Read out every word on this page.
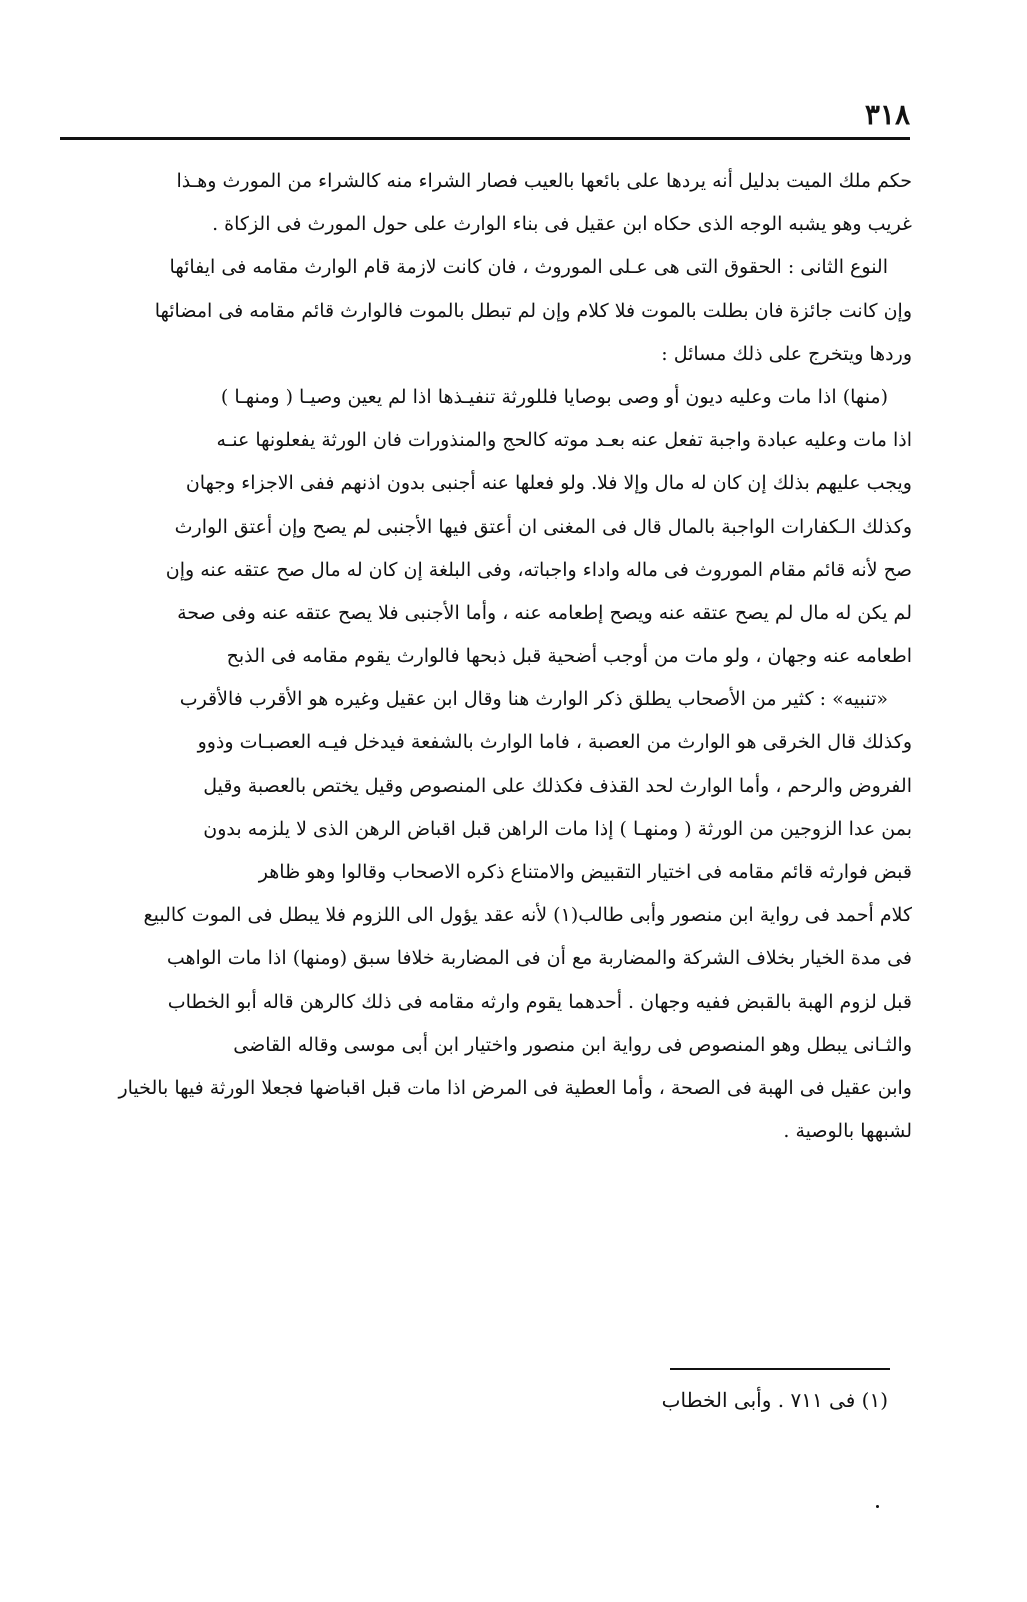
٣١٨
حكم ملك الميت بدليل أنه يردها على بائعها بالعيب فصار الشراء منه كالشراء من المورث وهـذا
غريب وهو يشبه الوجه الذى حكاه ابن عقيل فى بناء الوارث على حول المورث فى الزكاة .
النوع الثانى : الحقوق التى هى عـلى الموروث ، فان كانت لازمة قام الوارث مقامه فى ايفائها
وإن كانت جائزة فان بطلت بالموت فلا كلام وإن لم تبطل بالموت فالوارث قائم مقامه فى امضائها
وردها ويتخرج على ذلك مسائل :
(منها) اذا مات وعليه ديون أو وصى بوصايا فللورثة تنفيـذها اذا لم يعين وصيـا ( ومنهـا )
اذا مات وعليه عبادة واجبة تفعل عنه بعـد موته كالحج والمنذورات فان الورثة يفعلونها عنـه
ويجب عليهم بذلك إن كان له مال وإلا فلا. ولو فعلها عنه أجنبى بدون اذنهم ففى الاجزاء وجهان
وكذلك الـكفارات الواجبة بالمال قال فى المغنى ان أعتق فيها الأجنبى لم يصح وإن أعتق الوارث
صح لأنه قائم مقام الموروث فى ماله واداء واجباته، وفى البلغة إن كان له مال صح عتقه عنه وإن
لم يكن له مال لم يصح عتقه عنه ويصح إطعامه عنه ، وأما الأجنبى فلا يصح عتقه عنه وفى صحة
اطعامه عنه وجهان ، ولو مات من أوجب أضحية قبل ذبحها فالوارث يقوم مقامه فى الذبح
«تنبيه» : كثير من الأصحاب يطلق ذكر الوارث هنا وقال ابن عقيل وغيره هو الأقرب فالأقرب
وكذلك قال الخرقى هو الوارث من العصبة ، فاما الوارث بالشفعة فيدخل فيـه العصبـات وذوو
الفروض والرحم ، وأما الوارث لحد القذف فكذلك على المنصوص وقيل يختص بالعصبة وقيل
بمن عدا الزوجين من الورثة ( ومنهـا ) إذا مات الراهن قبل اقباض الرهن الذى لا يلزمه بدون
قبض فوارثه قائم مقامه فى اختيار التقبيض والامتناع ذكره الاصحاب وقالوا وهو ظاهر
كلام أحمد فى رواية ابن منصور وأبى طالب(١) لأنه عقد يؤول الى اللزوم فلا يبطل فى الموت كالبيع
فى مدة الخيار بخلاف الشركة والمضاربة مع أن فى المضاربة خلافا سبق (ومنها) اذا مات الواهب
قبل لزوم الهبة بالقبض ففيه وجهان . أحدهما يقوم وارثه مقامه فى ذلك كالرهن قاله أبو الخطاب
والثـانى يبطل وهو المنصوص فى رواية ابن منصور واختيار ابن أبى موسى وقاله القاضى
وابن عقيل فى الهبة فى الصحة ، وأما العطية فى المرض اذا مات قبل اقباضها فجعلا الورثة فيها بالخيار
لشبهها بالوصية .
(١) فى ٧١١ . وأبى الخطاب
